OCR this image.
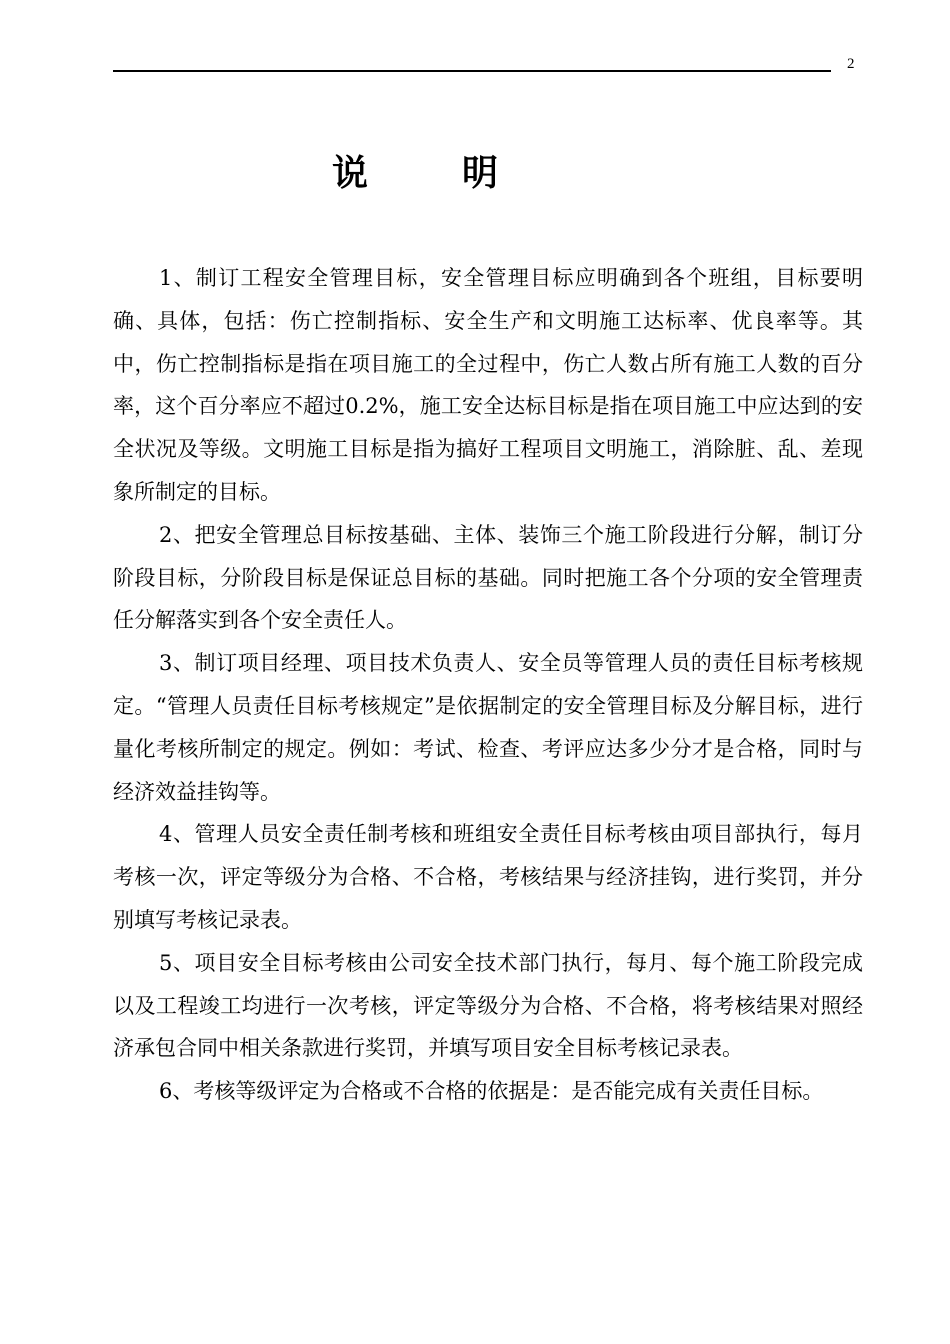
2
说明

1、制订工程安全管理目标，安全管理目标应明确到各个班组，目标要明确、具体，包括：伤亡控制指标、安全生产和文明施工达标率、优良率等。其中，伤亡控制指标是指在项目施工的全过程中，伤亡人数占所有施工人数的百分率，这个百分率应不超过0.2%，施工安全达标目标是指在项目施工中应达到的安全状况及等级。文明施工目标是指为搞好工程项目文明施工，消除脏、乱、差现象所制定的目标。

2、把安全管理总目标按基础、主体、装饰三个施工阶段进行分解，制订分阶段目标，分阶段目标是保证总目标的基础。同时把施工各个分项的安全管理责任分解落实到各个安全责任人。

3、制订项目经理、项目技术负责人、安全员等管理人员的责任目标考核规定。“管理人员责任目标考核规定”是依据制定的安全管理目标及分解目标，进行量化考核所制定的规定。例如：考试、检查、考评应达多少分才是合格，同时与经济效益挂钩等。

4、管理人员安全责任制考核和班组安全责任目标考核由项目部执行，每月考核一次，评定等级分为合格、不合格，考核结果与经济挂钩，进行奖罚，并分别填写考核记录表。

5、项目安全目标考核由公司安全技术部门执行，每月、每个施工阶段完成以及工程竣工均进行一次考核，评定等级分为合格、不合格，将考核结果对照经济承包合同中相关条款进行奖罚，并填写项目安全目标考核记录表。

6、考核等级评定为合格或不合格的依据是：是否能完成有关责任目标。
